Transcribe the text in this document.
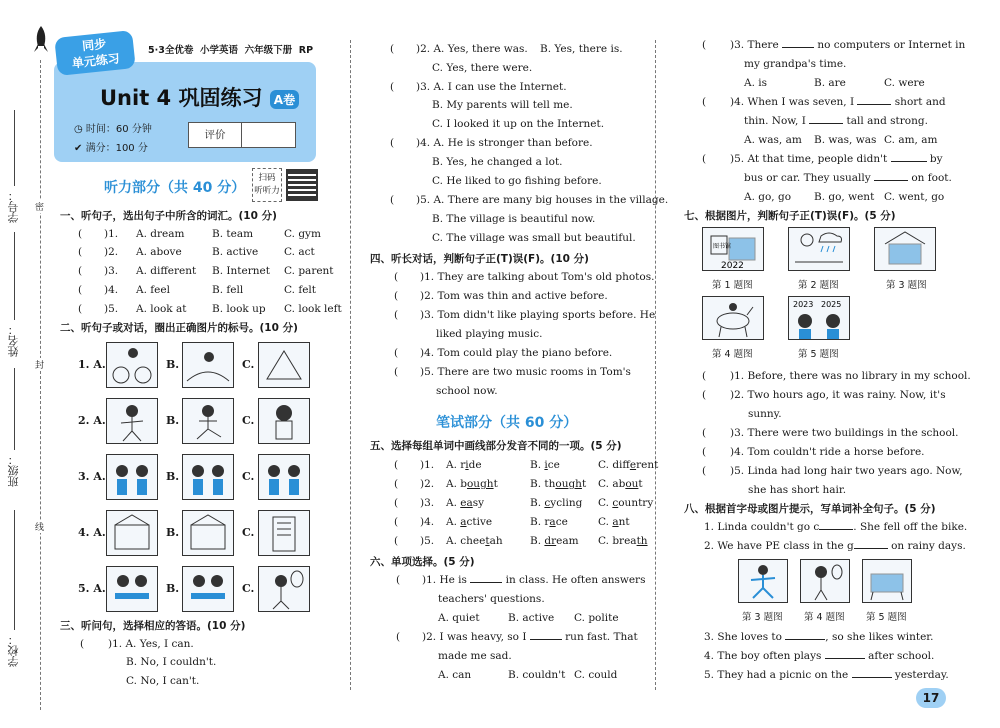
学号：
姓名：
班级：
学校：
密
封
线
5·3全优卷 小学英语 六年级下册 RP
同步
单元练习
Unit 4 巩固练习 A卷
◷ 时间：60 分钟
✔ 满分：100 分
评价
听力部分（共 40 分）
扫码
听听力
一、听句子，选出句子中所含的词汇。(10 分)
( )1. A. dream	B. team	C. gym
( )2. A. above	B. active C. act
( )3. A. different B. Internet C. parent
( )4. A. feel	B. fell	C. felt
( )5. A. look at B. look up C. look left
二、听句子或对话，圈出正确图片的标号。(10 分)
1. A.	B.	C.
2. A.	B.	C.
3. A.	B.	C.
4. A.	B.	C.
5. A.	B.	C.
三、听问句，选择相应的答语。(10 分)
( )1. A. Yes, I can.
B. No, I couldn't.
C. No, I can't.
( )2. A. Yes, there was. B. Yes, there is.
C. Yes, there were.
( )3. A. I can use the Internet.
B. My parents will tell me.
C. I looked it up on the Internet.
( )4. A. He is stronger than before.
B. Yes, he changed a lot.
C. He liked to go fishing before.
( )5. A. There are many big houses in the village.
B. The village is beautiful now.
C. The village was small but beautiful.
四、听长对话，判断句子正(T)误(F)。(10 分)
( )1. They are talking about Tom's old photos.
( )2. Tom was thin and active before.
( )3. Tom didn't like playing sports before. He
liked playing music.
( )4. Tom could play the piano before.
( )5. There are two music rooms in Tom's
school now.
笔试部分（共 60 分）
五、选择每组单词中画线部分发音不同的一项。(5 分)
( )1. A. ride	B. ice	C. different
( )2. A. bought	B. thought C. about
( )3. A. easy	B. cycling C. country
( )4. A. active	B. race	C. ant
( )5. A. cheetah	B. dream C. breath
六、单项选择。(5 分)
( )1. He is	in class. He often answers
teachers' questions.
A. quiet	B. active C. polite
( )2. I was heavy, so I	run fast. That
made me sad.
A. can	B. couldn't C. could
( )3. There	no computers or Internet in
my grandpa's time.
A. is	B. are	C. were
( )4. When I was seven, I	short and
thin. Now, I	tall and strong.
A. was, am B. was, was C. am, am
( )5. At that time, people didn't	by
bus or car. They usually	on foot.
A. go, go B. go, went C. went, go
七、根据图片，判断句子正(T)误(F)。(5 分)
图书馆
2022
第 1 题图	第 2 题图	第 3 题图
2023 2025
第 4 题图	第 5 题图
( )1. Before, there was no library in my school.
( )2. Two hours ago, it was rainy. Now, it's
sunny.
( )3. There were two buildings in the school.
( )4. Tom couldn't ride a horse before.
( )5. Linda had long hair two years ago. Now,
she has short hair.
八、根据首字母或图片提示，写单词补全句子。(5 分)
1. Linda couldn't go c	. She fell off the bike.
2. We have PE class in the g	on rainy days.
第 3 题图 第 4 题图 第 5 题图
3. She loves to	, so she likes winter.
4. The boy often plays	after school.
5. They had a picnic on the	yesterday.
17
